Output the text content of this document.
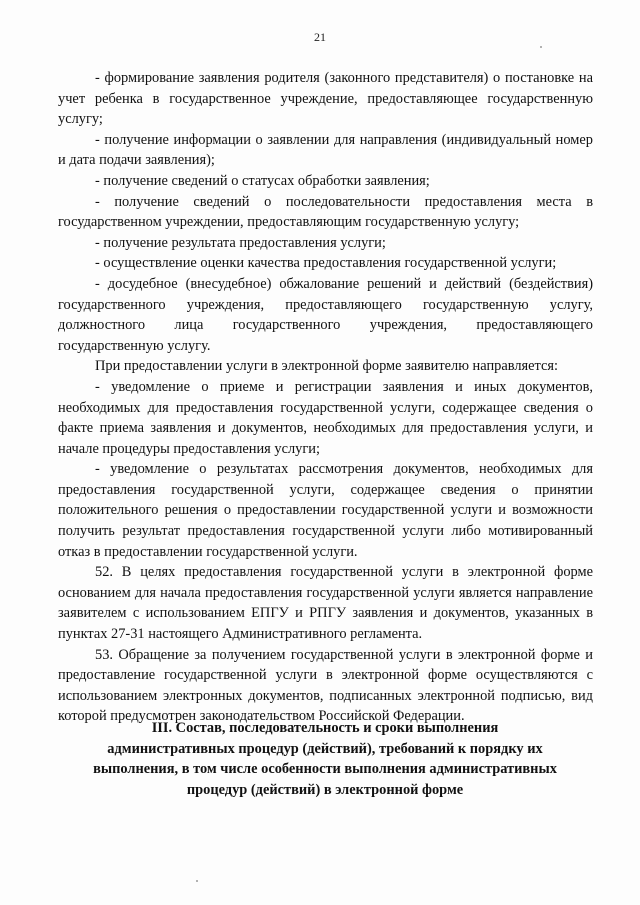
21

- формирование заявления родителя (законного представителя) о постановке на учет ребенка в государственное учреждение, предоставляющее государственную услугу;

- получение информации о заявлении для направления (индивидуальный номер и дата подачи заявления);

- получение сведений о статусах обработки заявления;

- получение сведений о последовательности предоставления места в государственном учреждении, предоставляющим государственную услугу;

- получение результата предоставления услуги;

- осуществление оценки качества предоставления государственной услуги;

- досудебное (внесудебное) обжалование решений и действий (бездействия) государственного учреждения, предоставляющего государственную услугу, должностного лица государственного учреждения, предоставляющего государственную услугу.

При предоставлении услуги в электронной форме заявителю направляется:

- уведомление о приеме и регистрации заявления и иных документов, необходимых для предоставления государственной услуги, содержащее сведения о факте приема заявления и документов, необходимых для предоставления услуги, и начале процедуры предоставления услуги;

- уведомление о результатах рассмотрения документов, необходимых для предоставления государственной услуги, содержащее сведения о принятии положительного решения о предоставлении государственной услуги и возможности получить результат предоставления государственной услуги либо мотивированный отказ в предоставлении государственной услуги.

52. В целях предоставления государственной услуги в электронной форме основанием для начала предоставления государственной услуги является направление заявителем с использованием ЕПГУ и РПГУ заявления и документов, указанных в пунктах 27-31 настоящего Административного регламента.

53. Обращение за получением государственной услуги в электронной форме и предоставление государственной услуги в электронной форме осуществляются с использованием электронных документов, подписанных электронной подписью, вид которой предусмотрен законодательством Российской Федерации.

III. Состав, последовательность и сроки выполнения
административных процедур (действий), требований к порядку их
выполнения, в том числе особенности выполнения административных
процедур (действий) в электронной форме
